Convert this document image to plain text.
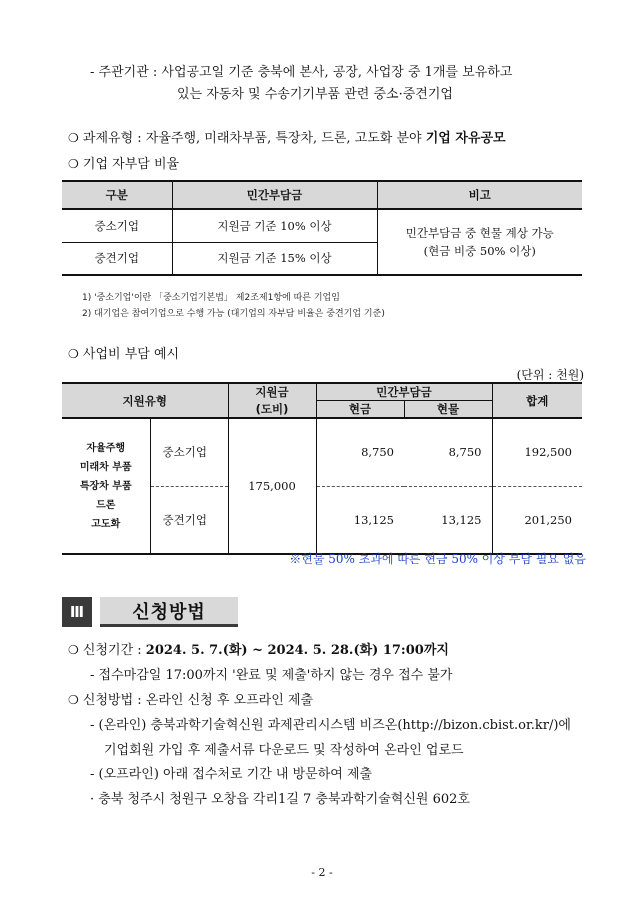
- 주관기관 : 사업공고일 기준 충북에 본사, 공장, 사업장 중 1개를 보유하고
있는 자동차 및 수송기기부품 관련 중소·중견기업
❍ 과제유형 : 자율주행, 미래차부품, 특장차, 드론, 고도화 분야 기업 자유공모
❍ 기업 자부담 비율
구분	민간부담금	비고
중소기업	지원금 기준 10% 이상	민간부담금 중 현물 계상 가능
(현금 비중 50% 이상)

중견기업	지원금 기준 15% 이상	
1) '중소기업'이란 「중소기업기본법」 제2조제1항에 따른 기업임
2) 대기업은 참여기업으로 수행 가능 (대기업의 자부담 비율은 중견기업 기준)
❍ 사업비 부담 예시
(단위 : 천원)
지원유형		지원금	민간부담금		합계
		(도비)	현금	현물	

자율주행
미래차 부품
특장차 부품
드론
고도화	중소기업	175,000	8,750	8,750	192,500
	중견기업		13,125	13,125	201,250
※현물 50% 초과에 따른 현금 50% 이상 부담 필요 없음
Ⅲ	신청방법
❍ 신청기간 : 2024. 5. 7.(화) ~ 2024. 5. 28.(화) 17:00까지
- 접수마감일 17:00까지 '완료 및 제출'하지 않는 경우 접수 불가
❍ 신청방법 : 온라인 신청 후 오프라인 제출
- (온라인) 충북과학기술혁신원 과제관리시스템 비즈온(http://bizon.cbist.or.kr/)에
기업회원 가입 후 제출서류 다운로드 및 작성하여 온라인 업로드
- (오프라인) 아래 접수처로 기간 내 방문하여 제출
· 충북 청주시 청원구 오창읍 각리1길 7 충북과학기술혁신원 602호
- 2 -
